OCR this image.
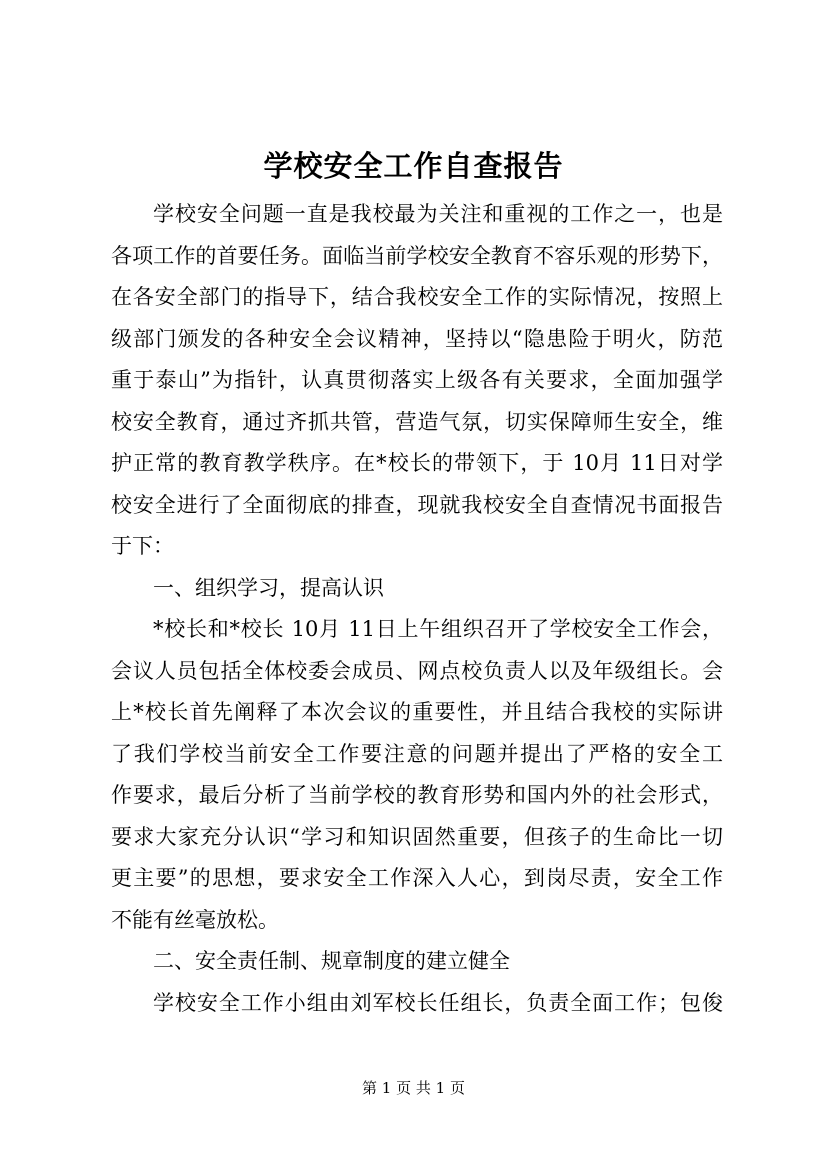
学校安全工作自查报告
学校安全问题一直是我校最为关注和重视的工作之一，也是
各项工作的首要任务。面临当前学校安全教育不容乐观的形势下，
在各安全部门的指导下，结合我校安全工作的实际情况，按照上
级部门颁发的各种安全会议精神，坚持以“隐患险于明火，防范
重于泰山”为指针，认真贯彻落实上级各有关要求，全面加强学
校安全教育，通过齐抓共管，营造气氛，切实保障师生安全，维
护正常的教育教学秩序。在*校长的带领下，于 10月 11日对学
校安全进行了全面彻底的排查，现就我校安全自查情况书面报告
于下：
一、组织学习，提高认识
*校长和*校长 10月 11日上午组织召开了学校安全工作会，
会议人员包括全体校委会成员、网点校负责人以及年级组长。会
上*校长首先阐释了本次会议的重要性，并且结合我校的实际讲
了我们学校当前安全工作要注意的问题并提出了严格的安全工
作要求，最后分析了当前学校的教育形势和国内外的社会形式，
要求大家充分认识“学习和知识固然重要，但孩子的生命比一切
更主要”的思想，要求安全工作深入人心，到岗尽责，安全工作
不能有丝毫放松。
二、安全责任制、规章制度的建立健全
学校安全工作小组由刘军校长任组长，负责全面工作；包俊
第 1 页 共 1 页
